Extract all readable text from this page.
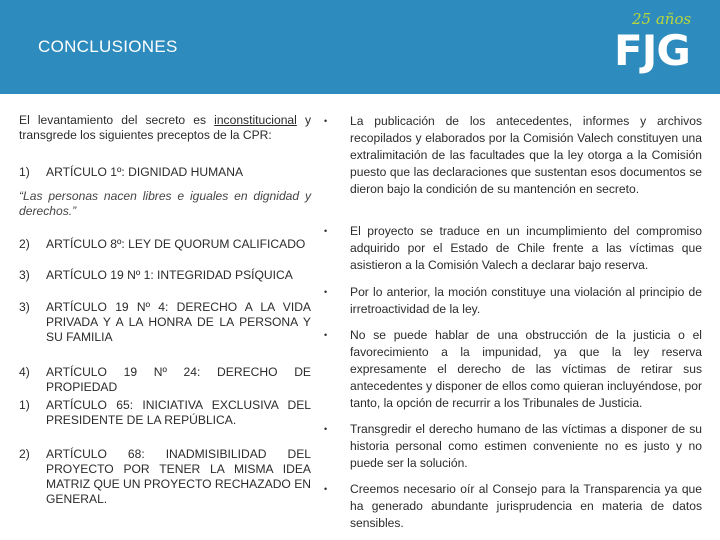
CONCLUSIONES
25 años
FJG
El levantamiento del secreto es inconstitucional y transgrede los siguientes preceptos de la CPR:
1) ARTÍCULO 1º: DIGNIDAD HUMANA
“Las personas nacen libres e iguales en dignidad y derechos.”
2) ARTÍCULO 8º: LEY DE QUORUM CALIFICADO
3) ARTÍCULO 19 Nº 1: INTEGRIDAD PSÍQUICA
3) ARTÍCULO 19 Nº 4: DERECHO A LA VIDA PRIVADA Y A LA HONRA DE LA PERSONA Y SU FAMILIA
4) ARTÍCULO 19 Nº 24: DERECHO DE PROPIEDAD
1) ARTÍCULO 65: INICIATIVA EXCLUSIVA DEL PRESIDENTE DE LA REPÚBLICA.
2) ARTÍCULO 68: INADMISIBILIDAD DEL PROYECTO POR TENER LA MISMA IDEA MATRIZ QUE UN PROYECTO RECHAZADO EN GENERAL.
• La publicación de los antecedentes, informes y archivos recopilados y elaborados por la Comisión Valech constituyen una extralimitación de las facultades que la ley otorga a la Comisión puesto que las declaraciones que sustentan esos documentos se dieron bajo la condición de su mantención en secreto.
• El proyecto se traduce en un incumplimiento del compromiso adquirido por el Estado de Chile frente a las víctimas que asistieron a la Comisión Valech a declarar bajo reserva.
• Por lo anterior, la moción constituye una violación al principio de irretroactividad de la ley.
• No se puede hablar de una obstrucción de la justicia o el favorecimiento a la impunidad, ya que la ley reserva expresamente el derecho de las víctimas de retirar sus antecedentes y disponer de ellos como quieran incluyéndose, por tanto, la opción de recurrir a los Tribunales de Justicia.
• Transgredir el derecho humano de las víctimas a disponer de su historia personal como estimen conveniente no es justo y no puede ser la solución.
• Creemos necesario oír al Consejo para la Transparencia ya que ha generado abundante jurisprudencia en materia de datos sensibles.
